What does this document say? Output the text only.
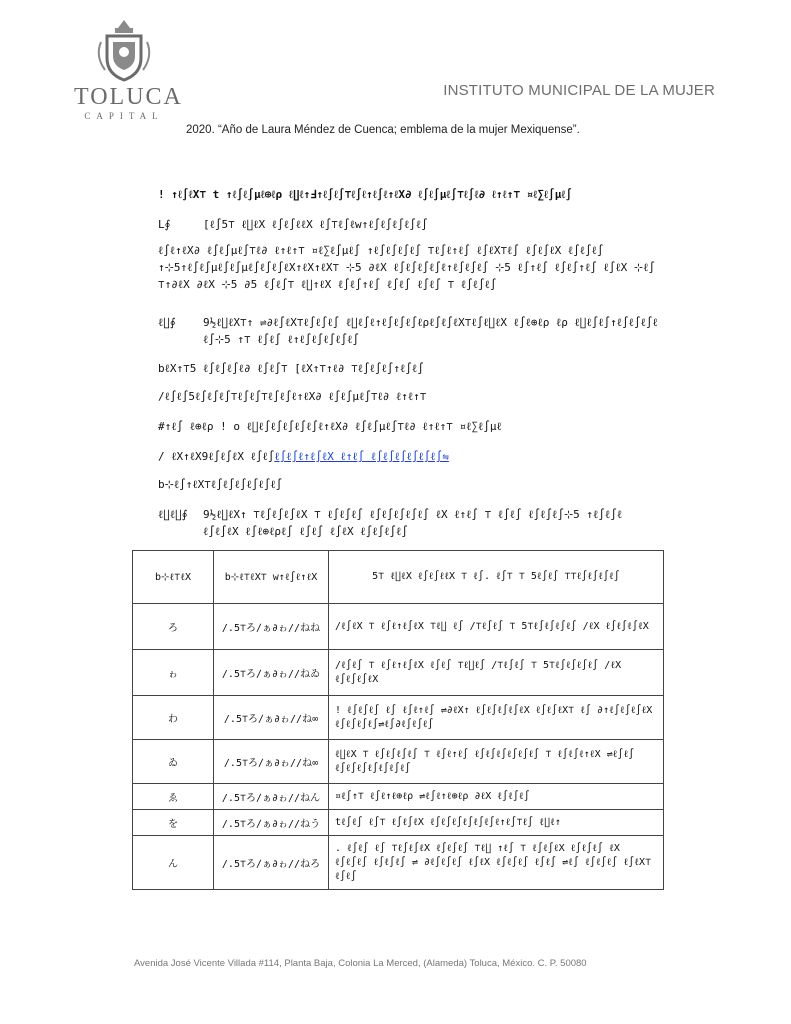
TOLUCA
CAPITAL
INSTITUTO MUNICIPAL DE LA MUJER
2020. “Año de Laura Méndez de Cuenca; emblema de la mujer Mexiquense”.
! ↑ℓ∫ℓX⊤ t ↑ℓ∫ℓ∫µℓ⊕ℓρ ℓ∐ℓ↑Ⅎ↑ℓ∫ℓ∫⊤ℓ∫ℓ↑ℓ∫ℓ↑ℓX∂ ℓ∫ℓ∫µℓ∫⊤ℓ∫ℓ∂ ℓ↑ℓ↑⊤ ¤ℓ∑ℓ∫µℓ∫
L∮	[ℓ∫5⊤ ℓ∐ℓX ℓ∫ℓ∫ℓℓX ℓ∫⊤ℓ∫ℓw↑ℓ∫ℓ∫ℓ∫ℓ∫ℓ∫
ℓ∫ℓ↑ℓX∂ ℓ∫ℓ∫µℓ∫⊤ℓ∂ ℓ↑ℓ↑⊤ ¤ℓ∑ℓ∫µℓ∫ ↑ℓ∫ℓ∫ℓ∫ℓ∫ ⊤ℓ∫ℓ↑ℓ∫ ℓ∫ℓX⊤ℓ∫ ℓ∫ℓ∫ℓX ℓ∫ℓ∫ℓ∫
↑⊹5↑ℓ∫ℓ∫µℓ∫ℓ∫µℓ∫ℓ∫ℓ∫ℓX↑ℓX↑ℓX⊤ ⊹5 ∂ℓX ℓ∫ℓ∫ℓ∫ℓ∫ℓ↑ℓ∫ℓ∫ℓ∫ ⊹5 ℓ∫↑ℓ∫ ℓ∫ℓ∫↑ℓ∫ ℓ∫ℓX ⊹ℓ∫
⊤↑∂ℓX ∂ℓX ⊹5 ∂5 ℓ∫ℓ∫⊤ ℓ∐↑ℓX ℓ∫ℓ∫↑ℓ∫ ℓ∫ℓ∫ ℓ∫ℓ∫ ⊤ ℓ∫ℓ∫ℓ∫
ℓ∐∮ 9½ℓ∐ℓX⊤↑ ⇌∂ℓ∫ℓX⊤ℓ∫ℓ∫ℓ∫ ℓ∐ℓ∫ℓ↑ℓ∫ℓ∫ℓ∫ℓρℓ∫ℓ∫ℓX⊤ℓ∫ℓ∐ℓX ℓ∫ℓ⊕ℓρ ℓρ ℓ∐ℓ∫ℓ∫↑ℓ∫ℓ∫ℓ∫ℓ
ℓ∫⊹5 ↑⊤ ℓ∫ℓ∫ ℓ↑ℓ∫ℓ∫ℓ∫ℓ∫ℓ∫
bℓX↑⊤5 ℓ∫ℓ∫ℓ∫ℓ∂ ℓ∫ℓ∫⊤ [ℓX↑⊤↑ℓ∂ ⊤ℓ∫ℓ∫ℓ∫↑ℓ∫ℓ∫
/ℓ∫ℓ∫5ℓ∫ℓ∫ℓ∫⊤ℓ∫ℓ∫⊤ℓ∫ℓ∫ℓ↑ℓX∂ ℓ∫ℓ∫µℓ∫⊤ℓ∂ ℓ↑ℓ↑⊤
#↑ℓ∫ ℓ⊕ℓρ ! o ℓ∐ℓ∫ℓ∫ℓ∫ℓ∫ℓ∫ℓ↑ℓX∂ ℓ∫ℓ∫µℓ∫⊤ℓ∂ ℓ↑ℓ↑⊤ ¤ℓ∑ℓ∫µℓ
/ ℓX↑ℓX9ℓ∫ℓ∫ℓX ℓ∫ℓ∫ℓ∫ℓ∫ℓ↑ℓ∫ℓX ℓ↑ℓ∫ ℓ∫ℓ∫ℓ∫ℓ∫ℓ∫ℓ∫⇋
b⊹ℓ∫↑ℓX⊤ℓ∫ℓ∫ℓ∫ℓ∫ℓ∫ℓ∫
ℓ∐ℓ∐∮ 9½ℓ∐ℓX↑ ⊤ℓ∫ℓ∫ℓ∫ℓX ⊤ ℓ∫ℓ∫ℓ∫ ℓ∫ℓ∫ℓ∫ℓ∫ℓ∫ ℓX ℓ↑ℓ∫ ⊤ ℓ∫ℓ∫ ℓ∫ℓ∫ℓ∫⊹5 ↑ℓ∫ℓ∫ℓ
ℓ∫ℓ∫ℓX ℓ∫ℓ⊕ℓρℓ∫ ℓ∫ℓ∫ ℓ∫ℓX ℓ∫ℓ∫ℓ∫ℓ∫
b⊹ℓ⊤ℓX	b⊹ℓ⊤ℓX⊤ w↑ℓ∫ℓ↑ℓX	5⊤ ℓ∐ℓX ℓ∫ℓ∫ℓℓX ⊤ ℓ∫. ℓ∫⊤ ⊤ 5ℓ∫ℓ∫ ⊤⊤ℓ∫ℓ∫ℓ∫ℓ∫
ろ	/.5⊤ろ∕ぁ∂ゎ//ねね	/ℓ∫ℓX ⊤ ℓ∫ℓ↑ℓ∫ℓX ⊤ℓ∐ ℓ∫ /⊤ℓ∫ℓ∫ ⊤ 5⊤ℓ∫ℓ∫ℓ∫ℓ∫ /ℓX ℓ∫ℓ∫ℓ∫ℓX
ゎ	/.5⊤ろ∕ぁ∂ゎ//ねゐ	/ℓ∫ℓ∫ ⊤ ℓ∫ℓ↑ℓ∫ℓX ℓ∫ℓ∫ ⊤ℓ∐ℓ∫ /⊤ℓ∫ℓ∫ ⊤ 5⊤ℓ∫ℓ∫ℓ∫ℓ∫ /ℓX ℓ∫ℓ∫ℓ∫ℓX
わ	/.5⊤ろ∕ぁ∂ゎ//ね∞	! ℓ∫ℓ∫ℓ∫ ℓ∫ ℓ∫ℓ↑ℓ∫ ⇌∂ℓX↑ ℓ∫ℓ∫ℓ∫ℓ∫ℓX ℓ∫ℓ∫ℓX⊤ ℓ∫ ∂↑ℓ∫ℓ∫ℓ∫ℓX ℓ∫ℓ∫ℓ∫ℓ∫⇌ℓ∫∂ℓ∫ℓ∫ℓ∫
ゐ	/.5⊤ろ∕ぁ∂ゎ//ね∞	ℓ∐ℓX ⊤ ℓ∫ℓ∫ℓ∫ℓ∫ ⊤ ℓ∫ℓ↑ℓ∫ ℓ∫ℓ∫ℓ∫ℓ∫ℓ∫ℓ∫ ⊤ ℓ∫ℓ∫ℓ↑ℓX ⇌ℓ∫ℓ∫ ℓ∫ℓ∫ℓ∫ℓ∫ℓ∫ℓ∫ℓ∫
ゑ	/.5⊤ろ∕ぁ∂ゎ//ねん	¤ℓ∫↑⊤ ℓ∫ℓ↑ℓ⊕ℓρ ⇌ℓ∫ℓ↑ℓ⊕ℓρ ∂ℓX ℓ∫ℓ∫ℓ∫
を	/.5⊤ろ∕ぁ∂ゎ//ねう	tℓ∫ℓ∫ ℓ∫⊤ ℓ∫ℓ∫ℓX ℓ∫ℓ∫ℓ∫ℓ∫ℓ∫ℓ∫ℓ↑ℓ∫⊤ℓ∫ ℓ∐ℓ↑
ん	/.5⊤ろ∕ぁ∂ゎ//ねろ	. ℓ∫ℓ∫ ℓ∫ ⊤ℓ∫ℓ∫ℓX ℓ∫ℓ∫ℓ∫ ⊤ℓ∐ ↑ℓ∫ ⊤ ℓ∫ℓ∫ℓX ℓ∫ℓ∫ℓ∫ ℓX ℓ∫ℓ∫ℓ∫ ℓ∫ℓ∫ℓ∫ ⇌ ∂ℓ∫ℓ∫ℓ∫ ℓ∫ℓX ℓ∫ℓ∫ℓ∫ ℓ∫ℓ∫ ⇌ℓ∫ ℓ∫ℓ∫ℓ∫ ℓ∫ℓX⊤ ℓ∫ℓ∫
Avenida José Vicente Villada #114, Planta Baja, Colonia La Merced, (Alameda) Toluca, México. C. P. 50080
